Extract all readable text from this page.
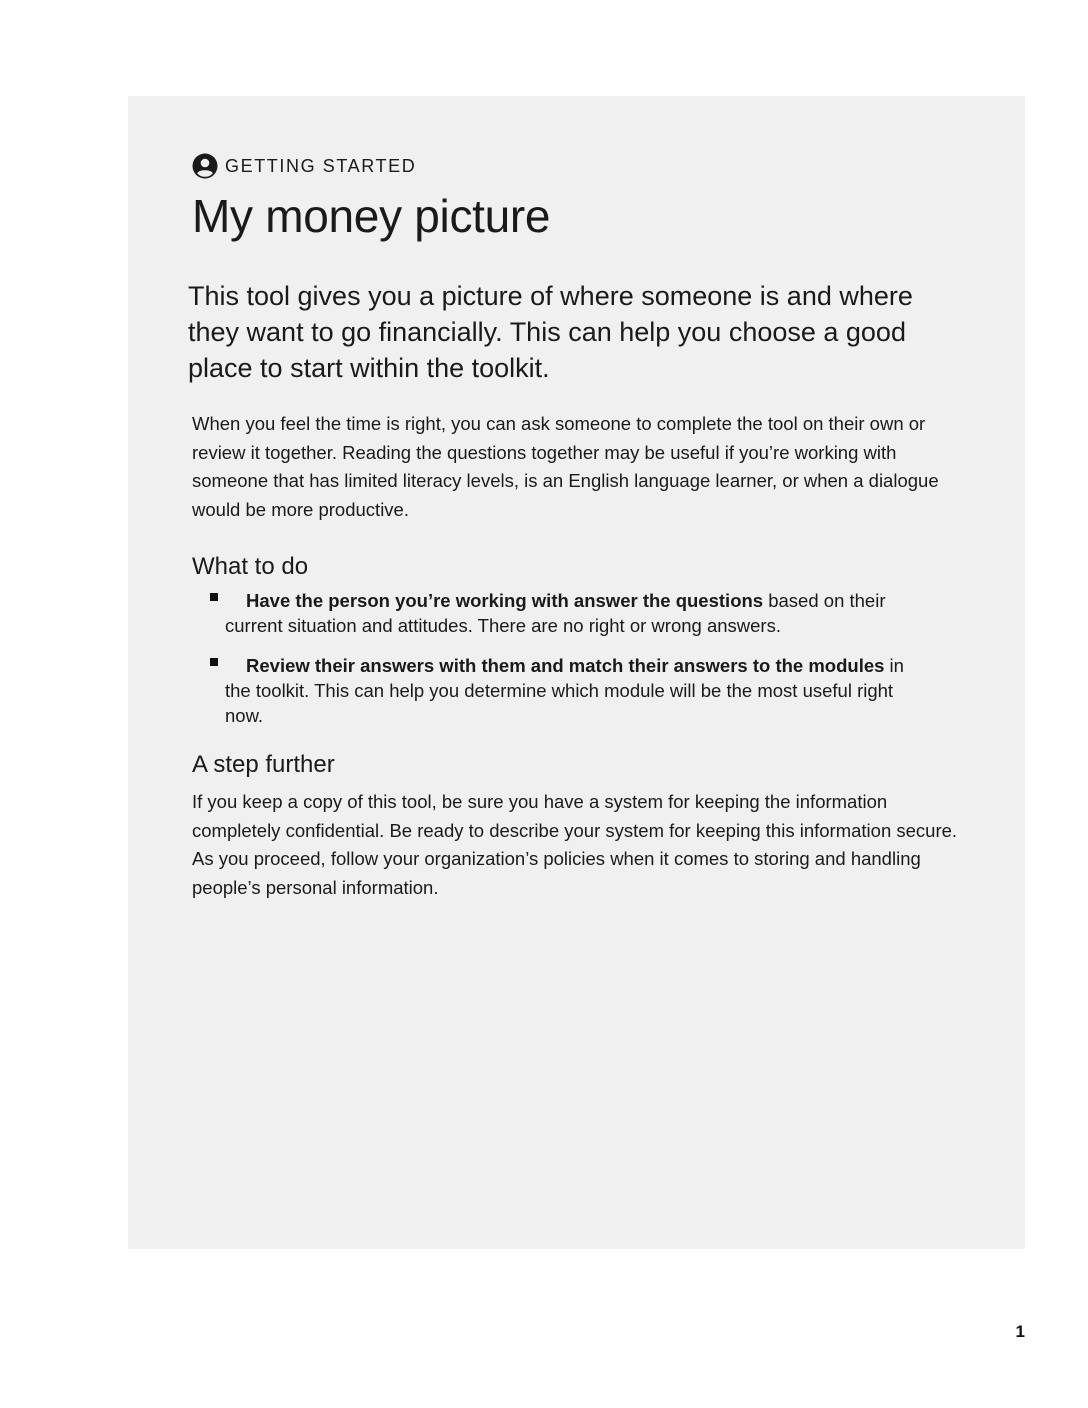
GETTING STARTED
My money picture

This tool gives you a picture of where someone is and where they want to go financially. This can help you choose a good place to start within the toolkit.

When you feel the time is right, you can ask someone to complete the tool on their own or review it together. Reading the questions together may be useful if you’re working with someone that has limited literacy levels, is an English language learner, or when a dialogue would be more productive.

What to do
Have the person you’re working with answer the questions based on their current situation and attitudes. There are no right or wrong answers.
Review their answers with them and match their answers to the modules in the toolkit. This can help you determine which module will be the most useful right now.
A step further

If you keep a copy of this tool, be sure you have a system for keeping the information completely confidential. Be ready to describe your system for keeping this information secure. As you proceed, follow your organization’s policies when it comes to storing and handling people’s personal information.

1
